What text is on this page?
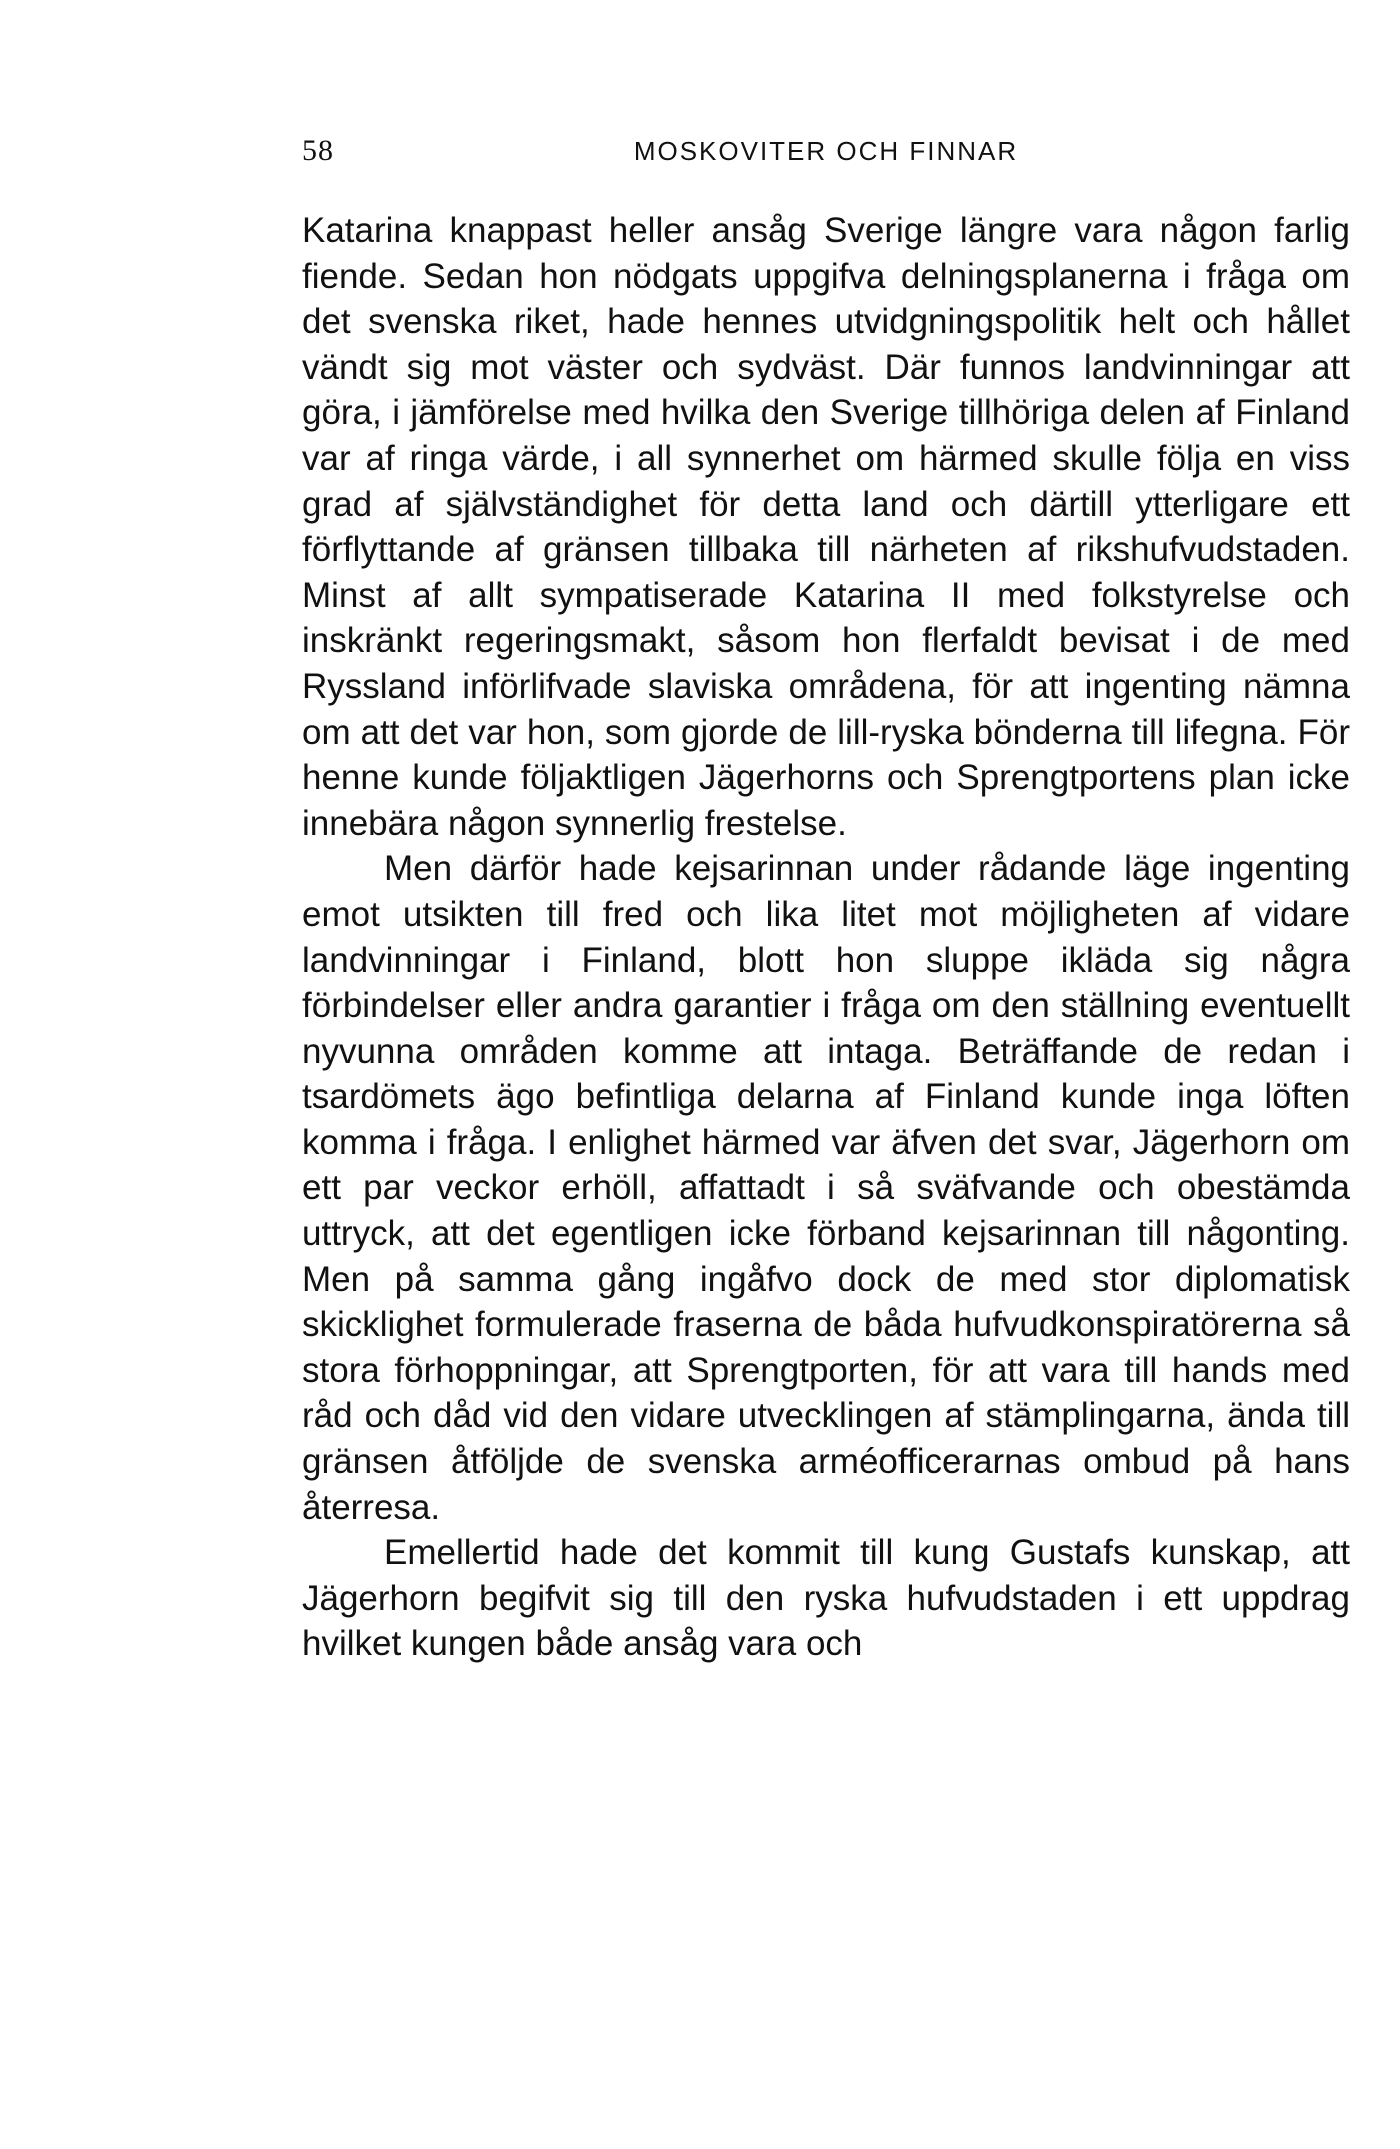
58	MOSKOVITER OCH FINNAR

Katarina knappast heller ansåg Sverige längre vara någon farlig fiende. Sedan hon nödgats uppgifva delningsplanerna i fråga om det svenska riket, hade hennes utvidgningspolitik helt och hållet vändt sig mot väster och sydväst. Där funnos landvinningar att göra, i jämförelse med hvilka den Sverige tillhöriga delen af Finland var af ringa värde, i all synnerhet om härmed skulle följa en viss grad af självständighet för detta land och därtill ytterligare ett förflyttande af gränsen tillbaka till närheten af rikshufvudstaden. Minst af allt sympatiserade Katarina II med folkstyrelse och inskränkt regeringsmakt, såsom hon flerfaldt bevisat i de med Ryssland införlifvade slaviska områdena, för att ingenting nämna om att det var hon, som gjorde de lill-ryska bönderna till lifegna. För henne kunde följaktligen Jägerhorns och Sprengtportens plan icke innebära någon synnerlig frestelse.

Men därför hade kejsarinnan under rådande läge ingenting emot utsikten till fred och lika litet mot möjligheten af vidare landvinningar i Finland, blott hon sluppe ikläda sig några förbindelser eller andra garantier i fråga om den ställning eventuellt nyvunna områden komme att intaga. Beträffande de redan i tsardömets ägo befintliga delarna af Finland kunde inga löften komma i fråga. I enlighet härmed var äfven det svar, Jägerhorn om ett par veckor erhöll, affattadt i så sväfvande och obestämda uttryck, att det egentligen icke förband kejsarinnan till någonting. Men på samma gång ingåfvo dock de med stor diplomatisk skicklighet formulerade fraserna de båda hufvudkonspiratörerna så stora förhoppningar, att Sprengtporten, för att vara till hands med råd och dåd vid den vidare utvecklingen af stämplingarna, ända till gränsen åtföljde de svenska arméofficerarnas ombud på hans återresa.

Emellertid hade det kommit till kung Gustafs kunskap, att Jägerhorn begifvit sig till den ryska hufvudstaden i ett uppdrag hvilket kungen både ansåg vara och
